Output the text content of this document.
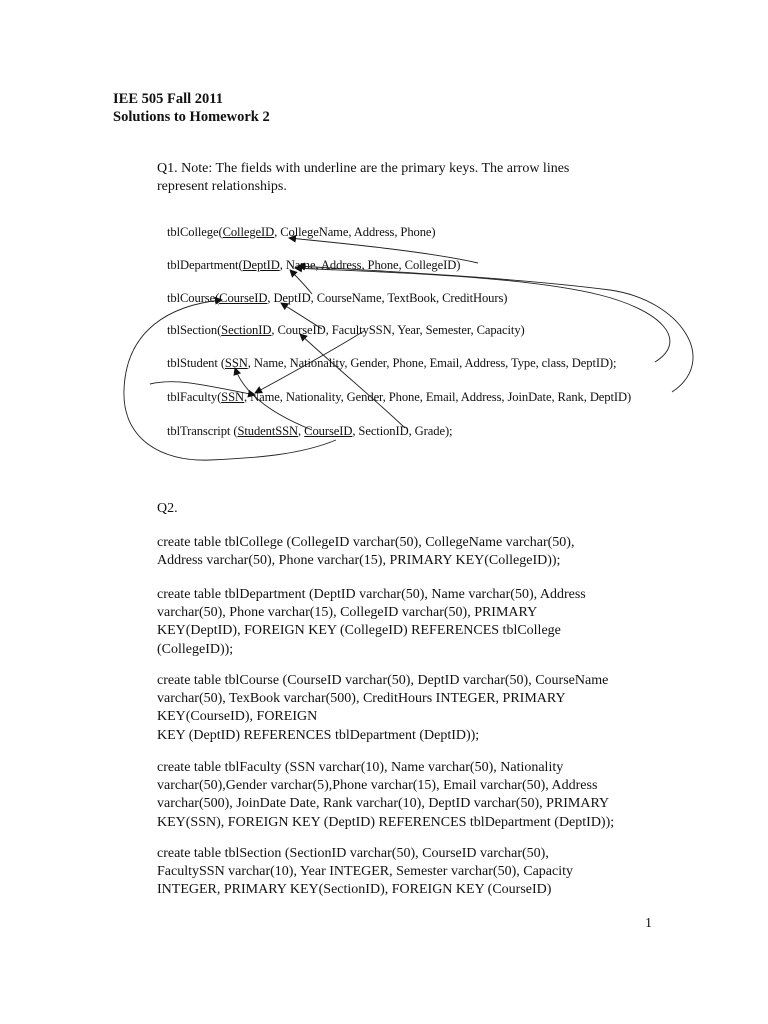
IEE 505 Fall 2011
Solutions to Homework 2
Q1. Note: The fields with underline are the primary keys. The arrow lines
represent relationships.
tblCollege(CollegeID, CollegeName, Address, Phone)
tblDepartment(DeptID, Name, Address, Phone, CollegeID)
tblCourse(CourseID, DeptID, CourseName, TextBook, CreditHours)
tblSection(SectionID, CourseID, FacultySSN, Year, Semester, Capacity)
tblStudent (SSN, Name, Nationality, Gender, Phone, Email, Address, Type, class, DeptID);
tblFaculty(SSN, Name, Nationality, Gender, Phone, Email, Address, JoinDate, Rank, DeptID)
tblTranscript (StudentSSN, CourseID, SectionID, Grade);
Q2.
create table tblCollege (CollegeID varchar(50), CollegeName varchar(50),
Address varchar(50), Phone varchar(15), PRIMARY KEY(CollegeID));
create table tblDepartment (DeptID varchar(50), Name varchar(50), Address
varchar(50), Phone varchar(15), CollegeID varchar(50), PRIMARY
KEY(DeptID), FOREIGN KEY (CollegeID) REFERENCES tblCollege
(CollegeID));
create table tblCourse (CourseID varchar(50), DeptID varchar(50), CourseName
varchar(50), TexBook varchar(500), CreditHours INTEGER, PRIMARY
KEY(CourseID), FOREIGN
KEY (DeptID) REFERENCES tblDepartment (DeptID));
create table tblFaculty (SSN varchar(10), Name varchar(50), Nationality
varchar(50),Gender varchar(5),Phone varchar(15), Email varchar(50), Address
varchar(500), JoinDate Date, Rank varchar(10), DeptID varchar(50), PRIMARY
KEY(SSN), FOREIGN KEY (DeptID) REFERENCES tblDepartment (DeptID));
create table tblSection (SectionID varchar(50), CourseID varchar(50),
FacultySSN varchar(10), Year INTEGER, Semester varchar(50), Capacity
INTEGER, PRIMARY KEY(SectionID), FOREIGN KEY (CourseID)
1
